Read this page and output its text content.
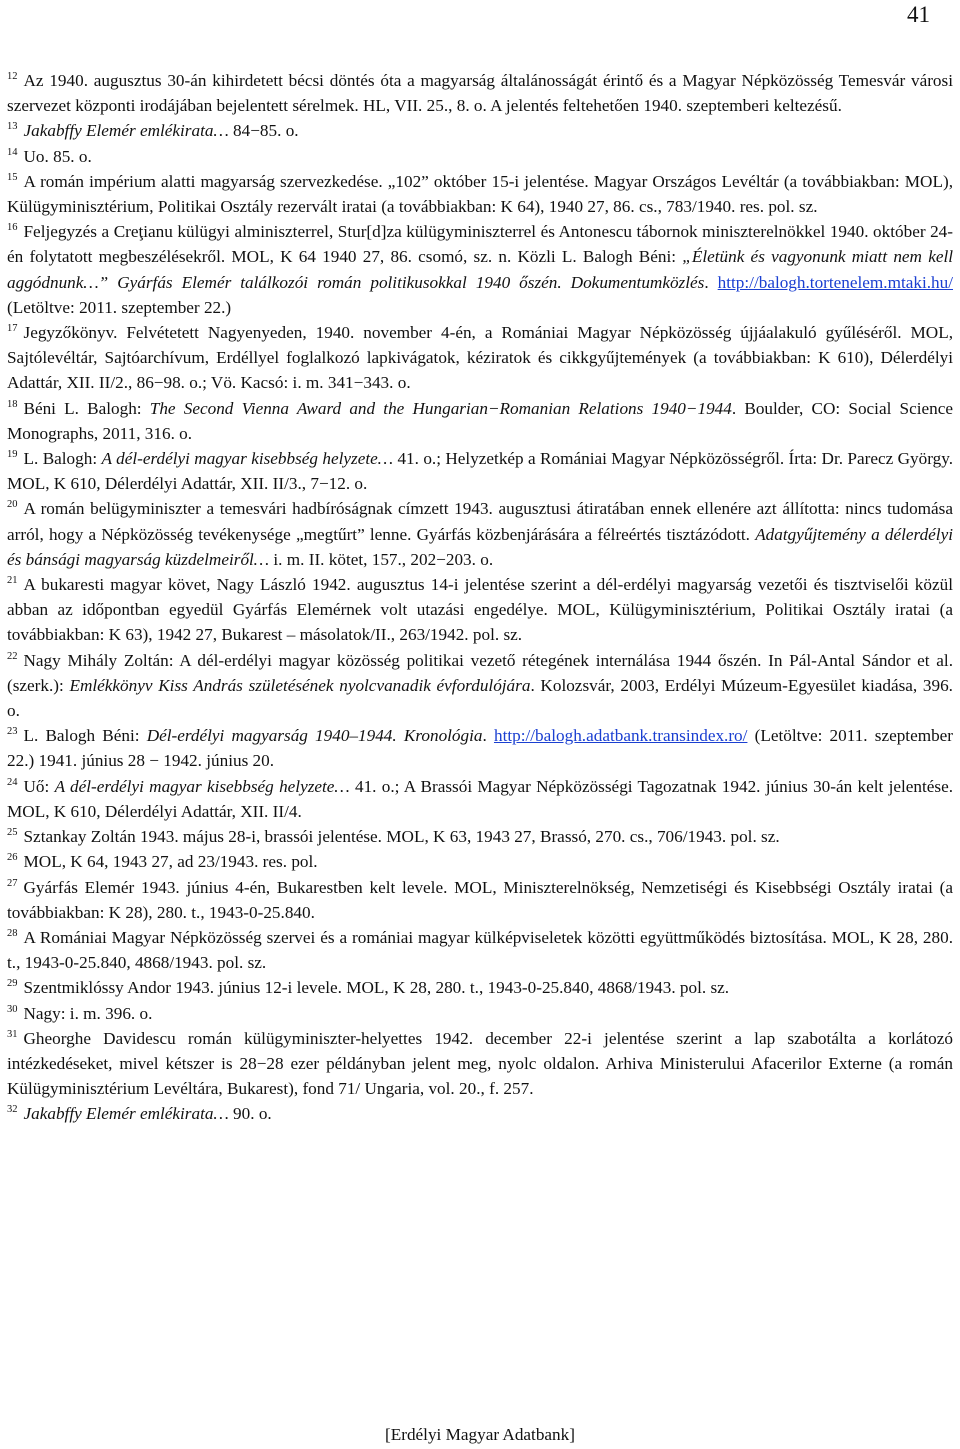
41

$^{12}$ Az 1940. augusztus 30-án kihirdetett bécsi döntés óta a magyarság általánosságát érintő és a Magyar Népközösség Temesvár városi szervezet központi irodájában bejelentett sérelmek. HL, VII. 25., 8. o. A jelentés feltehetően 1940. szeptemberi keltezésű.

$^{13}$ Jakabffy Elemér emlékirata… 84−85. o.

$^{14}$ Uo. 85. o.

$^{15}$ A román impérium alatti magyarság szervezkedése. „102” október 15-i jelentése. Magyar Országos Levéltár (a továbbiakban: MOL), Külügyminisztérium, Politikai Osztály rezervált iratai (a továbbiakban: K 64), 1940 27, 86. cs., 783/1940. res. pol. sz.

$^{16}$ Feljegyzés a Creţianu külügyi alminiszterrel, Stur[d]za külügyminiszterrel és Antonescu tábornok miniszterelnökkel 1940. október 24-én folytatott megbeszélésekről. MOL, K 64 1940 27, 86. csomó, sz. n. Közli L. Balogh Béni: „Életünk és vagyonunk miatt nem kell aggódnunk…” Gyárfás Elemér találkozói román politikusokkal 1940 őszén. Dokumentumközlés. http://balogh.tortenelem.mtaki.hu/ (Letöltve: 2011. szeptember 22.)

$^{17}$ Jegyzőkönyv. Felvétetett Nagyenyeden, 1940. november 4-én, a Romániai Magyar Népközösség újjáalakuló gyűléséről. MOL, Sajtólevéltár, Sajtóarchívum, Erdéllyel foglalkozó lapkivágatok, kéziratok és cikkgyűjtemények (a továbbiakban: K 610), Délerdélyi Adattár, XII. II/2., 86−98. o.; Vö. Kacsó: i. m. 341−343. o.

$^{18}$ Béni L. Balogh: The Second Vienna Award and the Hungarian−Romanian Relations 1940−1944. Boulder, CO: Social Science Monographs, 2011, 316. o.

$^{19}$ L. Balogh: A dél-erdélyi magyar kisebbség helyzete… 41. o.; Helyzetkép a Romániai Magyar Népközösségről. Írta: Dr. Parecz György. MOL, K 610, Délerdélyi Adattár, XII. II/3., 7−12. o.

$^{20}$ A román belügyminiszter a temesvári hadbíróságnak címzett 1943. augusztusi átiratában ennek ellenére azt állította: nincs tudomása arról, hogy a Népközösség tevékenysége „megtűrt” lenne. Gyárfás közbenjárására a félreértés tisztázódott. Adatgyűjtemény a délerdélyi és bánsági magyarság küzdelmeiről… i. m. II. kötet, 157., 202−203. o.

$^{21}$ A bukaresti magyar követ, Nagy László 1942. augusztus 14-i jelentése szerint a dél-erdélyi magyarság vezetői és tisztviselői közül abban az időpontban egyedül Gyárfás Elemérnek volt utazási engedélye. MOL, Külügyminisztérium, Politikai Osztály iratai (a továbbiakban: K 63), 1942 27, Bukarest – másolatok/II., 263/1942. pol. sz.

$^{22}$ Nagy Mihály Zoltán: A dél-erdélyi magyar közösség politikai vezető rétegének internálása 1944 őszén. In Pál-Antal Sándor et al. (szerk.): Emlékkönyv Kiss András születésének nyolcvanadik évfordulójára. Kolozsvár, 2003, Erdélyi Múzeum-Egyesület kiadása, 396. o.

$^{23}$ L. Balogh Béni: Dél-erdélyi magyarság 1940–1944. Kronológia. http://balogh.adatbank.transindex.ro/ (Letöltve: 2011. szeptember 22.) 1941. június 28 − 1942. június 20.

$^{24}$ Uő: A dél-erdélyi magyar kisebbség helyzete… 41. o.; A Brassói Magyar Népközösségi Tagozatnak 1942. június 30-án kelt jelentése. MOL, K 610, Délerdélyi Adattár, XII. II/4.

$^{25}$ Sztankay Zoltán 1943. május 28-i, brassói jelentése. MOL, K 63, 1943 27, Brassó, 270. cs., 706/1943. pol. sz.

$^{26}$ MOL, K 64, 1943 27, ad 23/1943. res. pol.

$^{27}$ Gyárfás Elemér 1943. június 4-én, Bukarestben kelt levele. MOL, Miniszterelnökség, Nemzetiségi és Kisebbségi Osztály iratai (a továbbiakban: K 28), 280. t., 1943-0-25.840.

$^{28}$ A Romániai Magyar Népközösség szervei és a romániai magyar külképviseletek közötti együttműködés biztosítása. MOL, K 28, 280. t., 1943-0-25.840, 4868/1943. pol. sz.

$^{29}$ Szentmiklóssy Andor 1943. június 12-i levele. MOL, K 28, 280. t., 1943-0-25.840, 4868/1943. pol. sz.

$^{30}$ Nagy: i. m. 396. o.

$^{31}$ Gheorghe Davidescu román külügyminiszter-helyettes 1942. december 22-i jelentése szerint a lap szabotálta a korlátozó intézkedéseket, mivel kétszer is 28−28 ezer példányban jelent meg, nyolc oldalon. Arhiva Ministerului Afacerilor Externe (a román Külügyminisztérium Levéltára, Bukarest), fond 71/ Ungaria, vol. 20., f. 257.

$^{32}$ Jakabffy Elemér emlékirata… 90. o.

[Erdélyi Magyar Adatbank]
